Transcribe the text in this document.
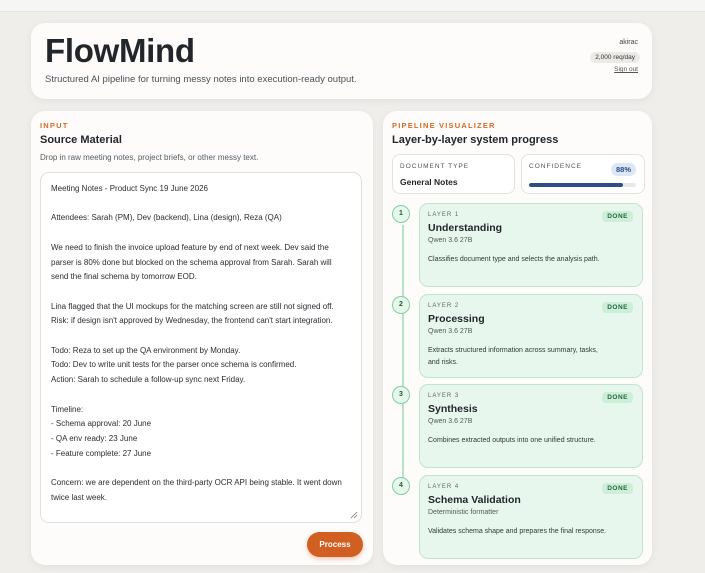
FlowMind
Structured AI pipeline for turning messy notes into execution-ready output.
akirac
2,000 req/day
Sign out
INPUT
Source Material
Drop in raw meeting notes, project briefs, or other messy text.

Meeting Notes - Product Sync 19 June 2026

Attendees: Sarah (PM), Dev (backend), Lina (design), Reza (QA)

We need to finish the invoice upload feature by end of next week. Dev said the parser is 80% done but blocked on the schema approval from Sarah. Sarah will send the final schema by tomorrow EOD.

Lina flagged that the UI mockups for the matching screen are still not signed off. Risk: if design isn't approved by Wednesday, the frontend can't start integration.

Todo: Reza to set up the QA environment by Monday.
Todo: Dev to write unit tests for the parser once schema is confirmed.
Action: Sarah to schedule a follow-up sync next Friday.

Timeline:
- Schema approval: 20 June
- QA env ready: 23 June
- Feature complete: 27 June

Concern: we are dependent on the third-party OCR API being stable. It went down twice last week.

Process
PIPELINE VISUALIZER
Layer-by-layer system progress
DOCUMENT TYPE
General Notes
CONFIDENCE	88%
1	LAYER 1
Understanding
Qwen 3.6 27B
Classifies document type and selects the analysis path.
DONE
2	LAYER 2
Processing
Qwen 3.6 27B
Extracts structured information across summary, tasks, and risks.
DONE
3	LAYER 3
Synthesis
Qwen 3.6 27B
Combines extracted outputs into one unified structure.
DONE
4	LAYER 4
Schema Validation
Deterministic formatter
Validates schema shape and prepares the final response.
DONE
